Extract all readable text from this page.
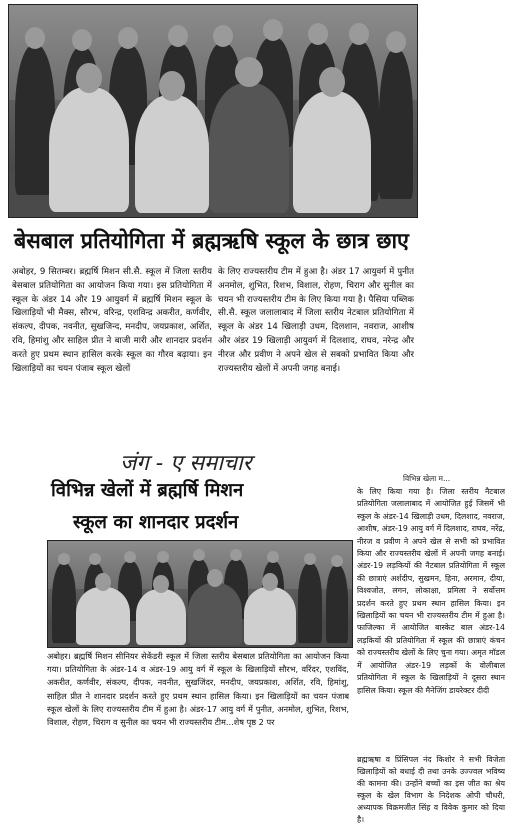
बेसबाल प्रतियोगिता में ब्रह्मऋषि स्कूल के छात्र छाए
अबोहर, 9 सितम्बर। ब्रह्मर्षि मिशन सी.सै. स्कूल में जिला स्तरीय बेसबाल प्रतियोगिता का आयोजन किया गया। इस प्रतियोगिता में स्कूल के अंडर 14 और 19 आयुवर्ग में ब्रह्मर्षि मिशन स्कूल के खिलाड़ियों भी मैक्स, सौरभ, वरिन्द्र, एशविन्द्र अकरीत, कर्णवीर, संकल्प, दीपक, नवनीत, सुखजिन्द, मनदीप, जयप्रकाश, अर्शित, रवि, हिमांशु और साहिल प्रीत ने बाजी मारी और शानदार प्रदर्शन करते हुए प्रथम स्थान हासिल करके स्कूल का गौरव बढ़ाया। इन खिलाड़ियों का चयन पंजाब स्कूल खेलों
के लिए राज्यस्तरीय टीम में हुआ है। अंडर 17 आयुवर्ग में पुनीत अनमोल, शुभित, रिशभ, विशाल, रोहण, चिराग और सुनील का चयन भी राज्यस्तरीय टीम के लिए किया गया है। पैसिया पब्लिक सी.सै. स्कूल जलालाबाद में जिला स्तरीय नेटबाल प्रतियोगिता में स्कूल के अंडर 14 खिलाड़ी उधम, दिलशान, नवराज, आशीष और अंडर 19 खिलाड़ी आयुवर्ग में दिलशाद, राघव, नरेन्द्र और नीरज और प्रवीण ने अपने खेल से सबको प्रभावित किया और राज्यस्तरीय खेलों में अपनी जगह बनाई।
जंग - ए समाचार
विभिन्न खेलों में ब्रह्मर्षि मिशन
स्कूल का शानदार प्रदर्शन
अबोहर। ब्रह्मर्षि मिशन सीनियर सेकेंडरी स्कूल में जिला स्तरीय बेसबाल प्रतियोगिता का आयोजन किया गया। प्रतियोगिता के अंडर-14 व अंडर-19 आयु वर्ग में स्कूल के खिलाड़ियों सौरभ, वरिंदर, एशविंद, अकरीत, कर्णवीर, संकल्प, दीपक, नवनीत, सुखजिंदर, मनदीप, जयप्रकाश, अर्शित, रवि, हिमांशु, साहिल प्रीत ने शानदार प्रदर्शन करते हुए प्रथम स्थान हासिल किया। इन खिलाड़ियों का चयन पंजाब स्कूल खेलों के लिए राज्यस्तरीय टीम में हुआ है। अंडर-17 आयु वर्ग में पुनीत, अनमोल, शुभित, रिशभ, विशाल, रोहण, चिराग व सुनील का चयन भी राज्यस्तरीय टीम...शेष पृष्ठ 2 पर
विभिन्न खेला म...
के लिए किया गया है। जिला स्तरीय नैटबाल प्रतियोगिता जलालाबाद में आयोजित हुई जिसमें भी स्कूल के अंडर-14 खिलाड़ी उधम, दिलशाद, नवराज, आशीष, अंडर-19 आयु वर्ग में दिलशाद, राघव, नरेंद्र, नीरज व प्रवीण ने अपने खेल से सभी को प्रभावित किया और राज्यस्तरीय खेलों में अपनी जगह बनाई। अंडर-19 लड़कियों की नैटबाल प्रतियोगिता में स्कूल की छात्राएं अर्शदीप, सुखमन, हिना, अरमान, दीया, विश्वजोत, लगन, लोकाक्षा, प्रमिला ने सर्वोत्तम प्रदर्शन करते हुए प्रथम स्थान हासिल किया। इन खिलाड़ियों का चयन भी राज्यस्तरीय टीम में हुआ है। फाजिल्का में आयोजित बास्केट बाल अंडर-14 लड़कियों की प्रतियोगिता में स्कूल की छात्राएं कंचन को राज्यस्तरीय खेलों के लिए चुना गया। अमृत मॉडल में आयोजित अंडर-19 लड़कों के वोलीबाल प्रतियोगिता में स्कूल के खिलाड़ियों ने दूसरा स्थान हासिल किया। स्कूल की मैनेजिंग डायरेक्टर दीदी
ब्रह्मऋषा व प्रिंसिपल नंद किशोर ने सभी विजेता खिलाड़ियों को बधाई दी तथा उनके उज्ज्वल भविष्य की कामना की। उन्होंने बच्चों का इस जीत का श्रेय स्कूल के खेल विभाग के निदेशक ओपी चौधरी, अध्यापक विक्रमजीत सिंह व विवेक कुमार को दिया है।
